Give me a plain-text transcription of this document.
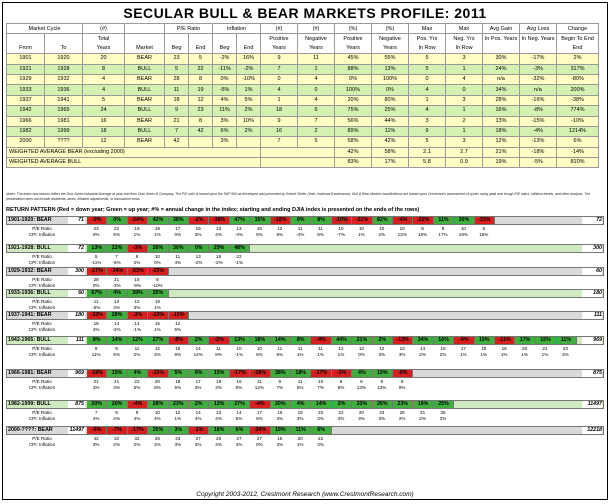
SECULAR BULL & BEAR MARKETS PROFILE: 2011
Market Cycle		(#)		P/E Ratio		Inflation		(#)	(#)	(%)	(%)	Max	Max	Avg Gain	Avg Loss	Change
		Total						Positive	Negative	Positive	Negative	Pos. Yrs	Neg. Yrs	In Pos. Years	In Neg. Years	Begin To End
From	To	Years	Market	Beg	End	Beg	End	Years	Years	Years	Years	In Row	In Row			End
1901	1920	20	BEAR	23	5	-2%	16%	9	11	45%	55%	5	3	30%	-17%	2%
1921	1928	8	BULL	5	22	-11%	-2%	7	1	88%	13%	5	1	24%	-3%	317%
1929	1932	4	BEAR	28	8	0%	-10%	0	4	0%	100%	0	4	n/a	-32%	-80%
1933	1936	4	BULL	11	19	-5%	1%	4	0	100%	0%	4	0	34%	n/a	200%
1937	1941	5	BEAR	18	12	4%	5%	1	4	20%	80%	1	3	28%	-16%	-38%
1942	1965	24	BULL	9	23	11%	2%	18	6	75%	25%	4	1	16%	-8%	774%
1966	1981	16	BEAR	21	8	3%	10%	9	7	56%	44%	3	2	13%	-15%	-10%
1982	1999	18	BULL	7	42	6%	2%	16	2	89%	11%	9	1	18%	-4%	1214%
2000	????	12	BEAR	42		3%		7	5	58%	42%	5	3	12%	-13%	6%
WEIGHTED AVERAGE BEAR (excluding 2000)										42%	58%	2.1	2.7	21%	-18%	-14%
WEIGHTED AVERAGE BULL										83%	17%	5.8	0.9	19%	-5%	810%
Notes: The index and returns reflect the Dow Jones Industrial Average at year-end from Dow Jones & Company. The P/E ratio is based upon the S&P 500 as developed and presented by Robert Shiller (Yale; Irrational Exuberance). Bull & Bear Market classifications are based upon Crestmont's assessment of cycles using peak and trough P/E ratios, inflation trends, and other analysis. The presentation does not include dividends, taxes, inflation adjustments, or transaction costs.
RETURN PATTERN (Red = down year; Green = up year; #% = annual change in the index; starting and ending DJIA index is presented on the ends of the rows)
1901-1920: BEAR	71	-9%	0%	-24%	42%	38%	-2%	-38%	47%	15%	-18%	0%	8%	-10%	-31%	82%	-4%	-22%	11%	30%	-33%	72
P/E Ratio	23	22	18	19	17	19	13	13	15	12	11	11	10	10	10	10	8	8	10	5
CPI: Inflation	0%	6%	1%	1%	0%	3%	4%	-4%	5%	8%	-4%	8%	-7%	1%	2%	13%	18%	17%	18%	15%
1921-1928: BULL	72	13%	22%	-3%	26%	30%	0%	29%	48%	300
P/E Ratio	5	7	8	10	11	13	16	22
CPI: Inflation	-11%	-6%	2%	0%	4%	-2%	-2%	-1%
1929-1932: BEAR	300	-17%	-34%	-53%	-23%	60
P/E Ratio	28	21	15	8
CPI: Inflation	0%	-3%	-9%	-10%
1933-1936: BULL	60	67%	4%	39%	25%	180
P/E Ratio	11	13	12	19
CPI: Inflation	-5%	3%	3%	1%
1937-1941: BEAR	180	-33%	28%	-3%	-13%	-15%	111
P/E Ratio	18	14	14	15	12
CPI: Inflation	4%	-2%	-1%	1%	5%
1942-1965: BULL	111	8%	14%	12%	27%	-8%	2%	-2%	13%	18%	14%	8%	-4%	44%	21%	2%	-13%	34%	16%	-9%	19%	-11%	17%	15%	11%	969
P/E Ratio	9	9	11	12	16	14	11	10	10	11	11	11	12	13	12	13	14	16	17	19	16	20	21	23
CPI: Inflation	11%	6%	2%	2%	8%	14%	8%	-1%	6%	6%	1%	1%	1%	0%	3%	3%	2%	2%	1%	1%	1%	1%	1%	2%
1966-1981: BEAR	969	-19%	15%	4%	-15%	5%	6%	15%	-17%	-28%	38%	18%	-17%	-3%	4%	15%	-9%	875
P/E Ratio	21	21	22	20	18	17	18	16	11	9	11	10	9	8	9	8
CPI: Inflation	3%	3%	5%	6%	6%	3%	3%	9%	12%	7%	5%	7%	9%	13%	13%	9%
1982-1999: BULL	875	20%	20%	-4%	28%	23%	2%	12%	27%	-4%	20%	4%	14%	2%	33%	26%	23%	16%	25%	11497
P/E Ratio	7	9	9	10	12	14	13	14	17	16	19	20	22	20	24	26	31	36
CPI: Inflation	4%	4%	4%	4%	1%	4%	4%	5%	6%	3%	3%	3%	3%	3%	3%	2%	2%	3%
2000-????: BEAR	11497	-6%	-7%	-17%	25%	3%	-1%	16%	6%	-34%	19%	11%	6%	12218
P/E Ratio	42	32	32	26	23	27	26	27	27	15	20	22
CPI: Inflation	3%	2%	2%	2%	3%	3%	3%	4%	0%	3%	1%	3%
Copyright 2003-2012, Crestmont Research (www.CrestmontResearch.com)
